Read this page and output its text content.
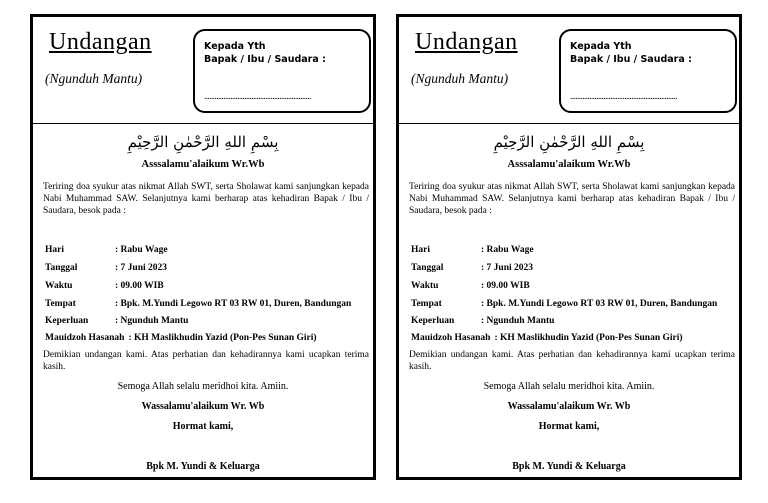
Undangan
(Ngunduh Mantu)
Kepada Yth
Bapak / Ibu / Saudara :
.............................................................
بِسْمِ اللهِ الرَّحْمٰنِ الرَّحِيْمِ
Asssalamu'alaikum Wr.Wb
Teriring doa syukur atas nikmat Allah SWT, serta Sholawat kami sanjungkan kepada Nabi Muhammad SAW. Selanjutnya kami berharap atas kehadiran Bapak / Ibu / Saudara, besok pada :
Hari	: Rabu Wage
Tanggal	: 7 Juni 2023
Waktu	: 09.00 WIB
Tempat	: Bpk. M.Yundi Legowo RT 03 RW 01, Duren, Bandungan
Keperluan	: Ngunduh Mantu
Mauidzoh Hasanah : KH Maslikhudin Yazid (Pon-Pes Sunan Giri)
Demikian undangan kami. Atas perhatian dan kehadirannya kami ucapkan terima kasih.
Semoga Allah selalu meridhoi kita. Amiin.
Wassalamu'alaikum Wr. Wb
Hormat kami,
Bpk M. Yundi & Keluarga
Undangan
(Ngunduh Mantu)
Kepada Yth
Bapak / Ibu / Saudara :
.............................................................
بِسْمِ اللهِ الرَّحْمٰنِ الرَّحِيْمِ
Asssalamu'alaikum Wr.Wb
Teriring doa syukur atas nikmat Allah SWT, serta Sholawat kami sanjungkan kepada Nabi Muhammad SAW. Selanjutnya kami berharap atas kehadiran Bapak / Ibu / Saudara, besok pada :
Hari	: Rabu Wage
Tanggal	: 7 Juni 2023
Waktu	: 09.00 WIB
Tempat	: Bpk. M.Yundi Legowo RT 03 RW 01, Duren, Bandungan
Keperluan	: Ngunduh Mantu
Mauidzoh Hasanah : KH Maslikhudin Yazid (Pon-Pes Sunan Giri)
Demikian undangan kami. Atas perhatian dan kehadirannya kami ucapkan terima kasih.
Semoga Allah selalu meridhoi kita. Amiin.
Wassalamu'alaikum Wr. Wb
Hormat kami,
Bpk M. Yundi & Keluarga
